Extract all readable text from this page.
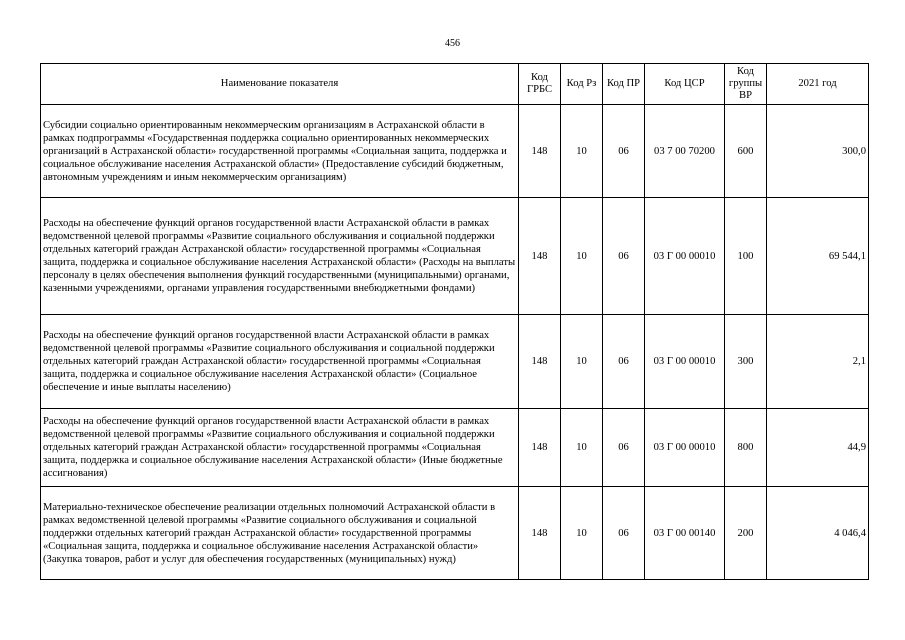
456
Наименование показателя	Код ГРБС	Код Рз	Код ПР	Код ЦСР	Код группы ВР	2021 год
Субсидии социально ориентированным некоммерческим организациям в Астраханской области в рамках подпрограммы «Государственная поддержка социально ориентированных некоммерческих организаций в Астраханской области» государственной программы «Социальная защита, поддержка и социальное обслуживание населения Астраханской области» (Предоставление субсидий бюджетным, автономным учреждениям и иным некоммерческим организациям)	148	10	06	03 7 00 70200	600	300,0
Расходы на обеспечение функций органов государственной власти Астраханской области в рамках ведомственной целевой программы «Развитие социального обслуживания и социальной поддержки отдельных категорий граждан Астраханской области» государственной программы «Социальная защита, поддержка и социальное обслуживание населения Астраханской области» (Расходы на выплаты персоналу в целях обеспечения выполнения функций государственными (муниципальными) органами, казенными учреждениями, органами управления государственными внебюджетными фондами)	148	10	06	03 Г 00 00010	100	69 544,1
Расходы на обеспечение функций органов государственной власти Астраханской области в рамках ведомственной целевой программы «Развитие социального обслуживания и социальной поддержки отдельных категорий граждан Астраханской области» государственной программы «Социальная защита, поддержка и социальное обслуживание населения Астраханской области» (Социальное обеспечение и иные выплаты населению)	148	10	06	03 Г 00 00010	300	2,1
Расходы на обеспечение функций органов государственной власти Астраханской области в рамках ведомственной целевой программы «Развитие социального обслуживания и социальной поддержки отдельных категорий граждан Астраханской области» государственной программы «Социальная защита, поддержка и социальное обслуживание населения Астраханской области» (Иные бюджетные ассигнования)	148	10	06	03 Г 00 00010	800	44,9
Материально-техническое обеспечение реализации отдельных полномочий Астраханской области в рамках ведомственной целевой программы «Развитие социального обслуживания и социальной поддержки отдельных категорий граждан Астраханской области» государственной программы «Социальная защита, поддержка и социальное обслуживание населения Астраханской области» (Закупка товаров, работ и услуг для обеспечения государственных (муниципальных) нужд)	148	10	06	03 Г 00 00140	200	4 046,4
